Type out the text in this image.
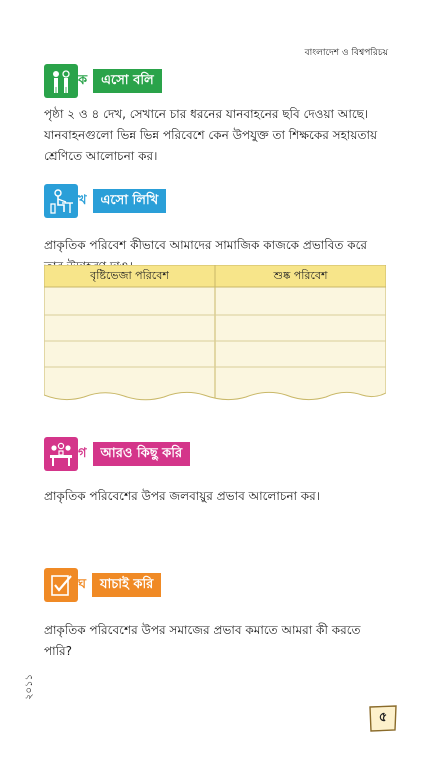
বাংলাদেশ ও বিশ্বপরিচয়
ক	এসো বলি
পৃষ্ঠা ২ ও ৪ দেখ, সেখানে চার ধরনের যানবাহনের ছবি দেওয়া আছে। যানবাহনগুলো ভিন্ন ভিন্ন পরিবেশে কেন উপযুক্ত তা শিক্ষকের সহায়তায় শ্রেণিতে আলোচনা কর।
খ	এসো লিখি
প্রাকৃতিক পরিবেশ কীভাবে আমাদের সামাজিক কাজকে প্রভাবিত করে
বৃষ্টিভেজা পরিবেশ	শুষ্ক পরিবেশ
গ	আরও কিছু করি
প্রাকৃতিক পরিবেশের উপর জলবায়ুর প্রভাব আলোচনা কর।
ঘ	যাচাই করি
প্রাকৃতিক পরিবেশের উপর সমাজের প্রভাব কমাতে আমরা কী করতে পারি?
২০১১
৫
